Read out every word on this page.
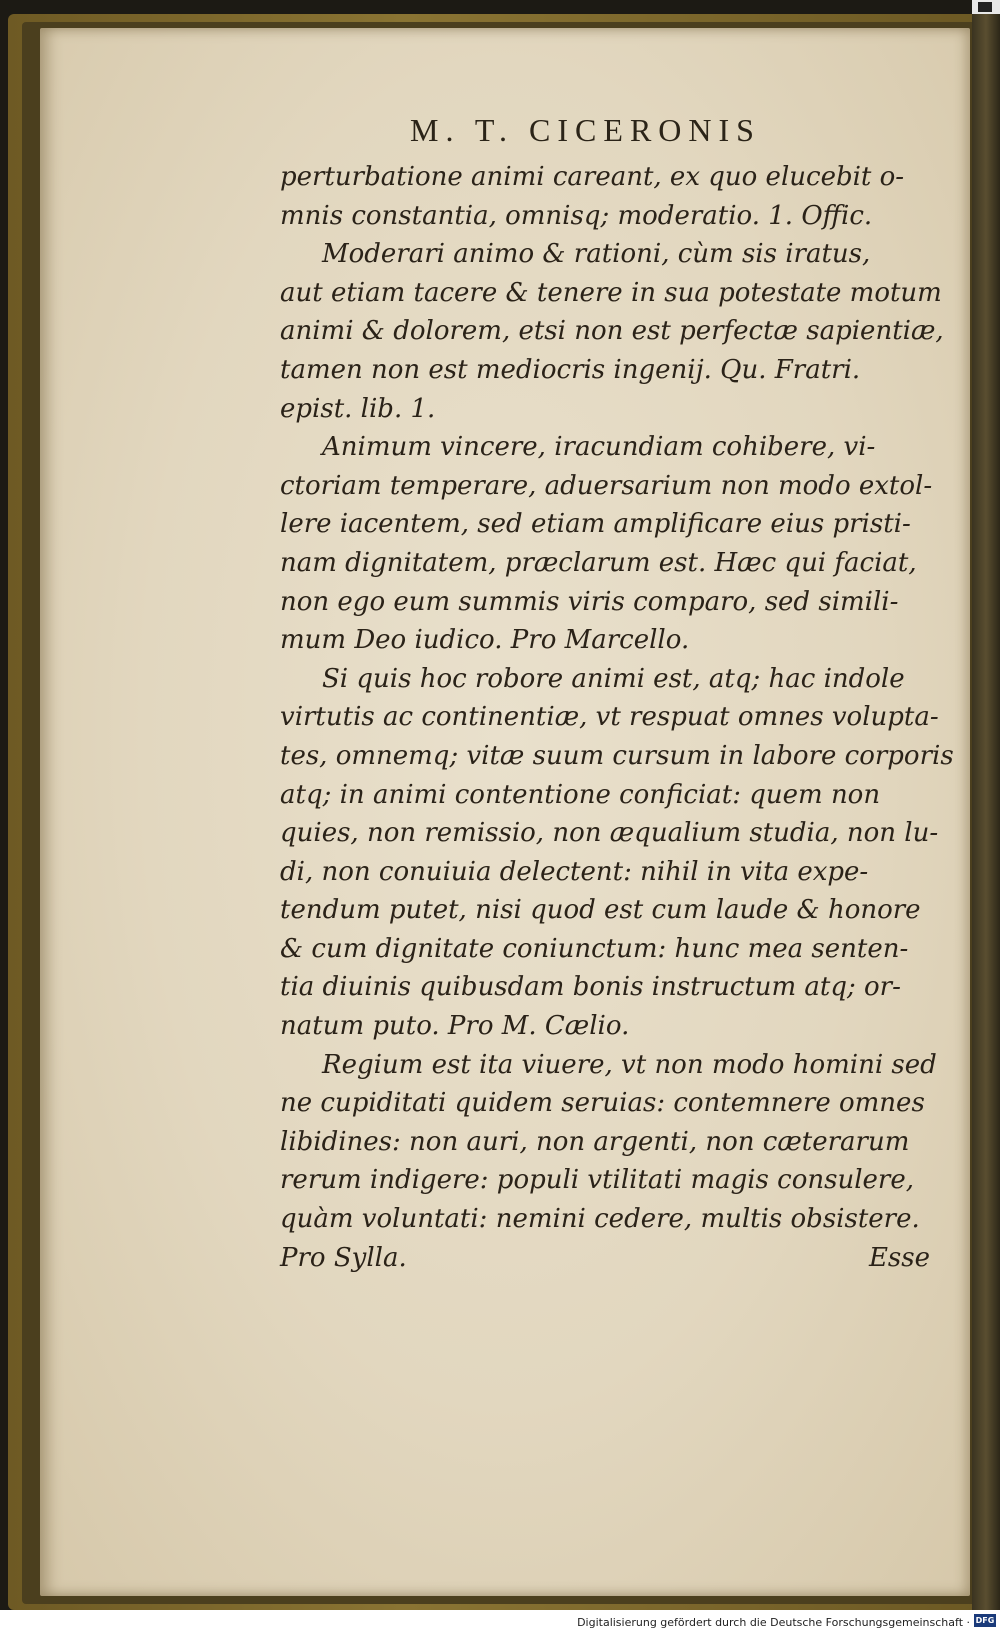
M. T. CICERONIS
perturbatione animi careant, ex quo elucebit o-
mnis constantia, omnisq; moderatio. 1. Offic.
Moderari animo & rationi, cùm sis iratus,
aut etiam tacere & tenere in sua potestate motum
animi & dolorem, etsi non est perfectæ sapientiæ,
tamen non est mediocris ingenij. Qu. Fratri.
epist. lib. 1.
Animum vincere, iracundiam cohibere, vi-
ctoriam temperare, aduersarium non modo extol-
lere iacentem, sed etiam amplificare eius pristi-
nam dignitatem, præclarum est. Hæc qui faciat,
non ego eum summis viris comparo, sed simili-
mum Deo iudico. Pro Marcello.
Si quis hoc robore animi est, atq; hac indole
virtutis ac continentiæ, vt respuat omnes volupta-
tes, omnemq; vitæ suum cursum in labore corporis
atq; in animi contentione conficiat: quem non
quies, non remissio, non æqualium studia, non lu-
di, non conuiuia delectent: nihil in vita expe-
tendum putet, nisi quod est cum laude & honore
& cum dignitate coniunctum: hunc mea senten-
tia diuinis quibusdam bonis instructum atq; or-
natum puto. Pro M. Cælio.
Regium est ita viuere, vt non modo homini sed
ne cupiditati quidem seruias: contemnere omnes
libidines: non auri, non argenti, non cæterarum
rerum indigere: populi vtilitati magis consulere,
quàm voluntati: nemini cedere, multis obsistere.
Pro Sylla.	Esse
Digitalisierung gefördert durch die Deutsche Forschungsgemeinschaft · DFG
